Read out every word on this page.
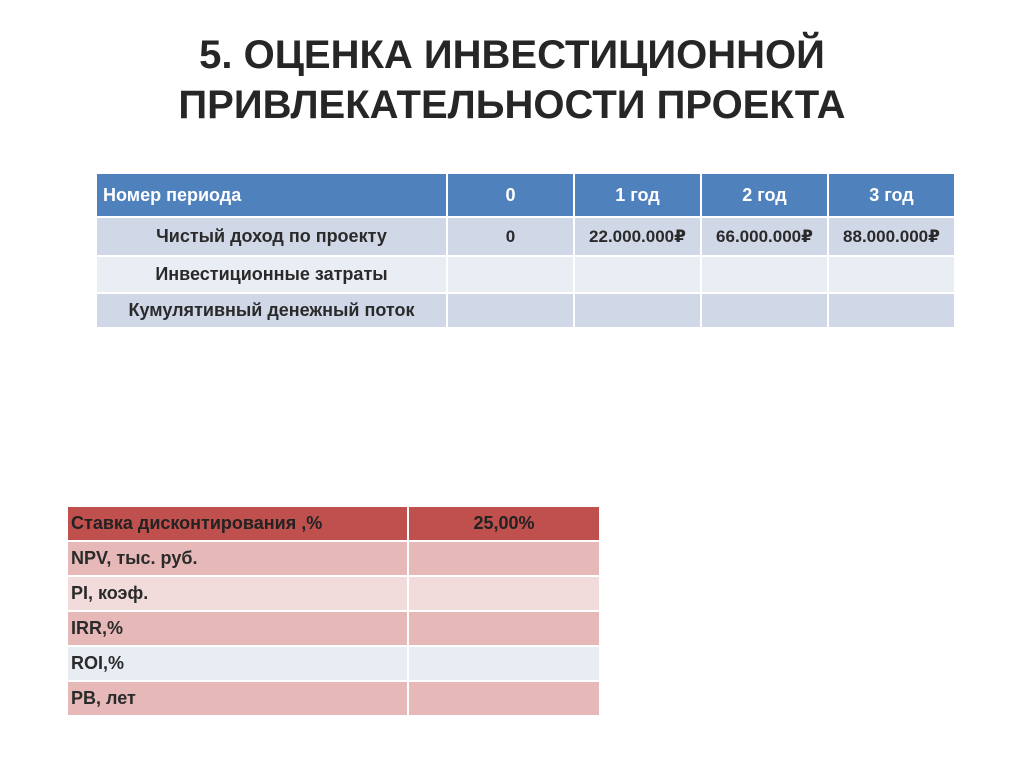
5. ОЦЕНКА ИНВЕСТИЦИОННОЙ
ПРИВЛЕКАТЕЛЬНОСТИ ПРОЕКТА
Номер периода	0	1 год	2 год	3 год
Чистый доход по проекту	0	22.000.000₽	66.000.000₽	88.000.000₽
Инвестиционные затраты				
Кумулятивный денежный поток				
Ставка дисконтирования ,%	25,00%
NPV, тыс. руб.	
PI, коэф.	
IRR,%	
ROI,%	
PB, лет	
